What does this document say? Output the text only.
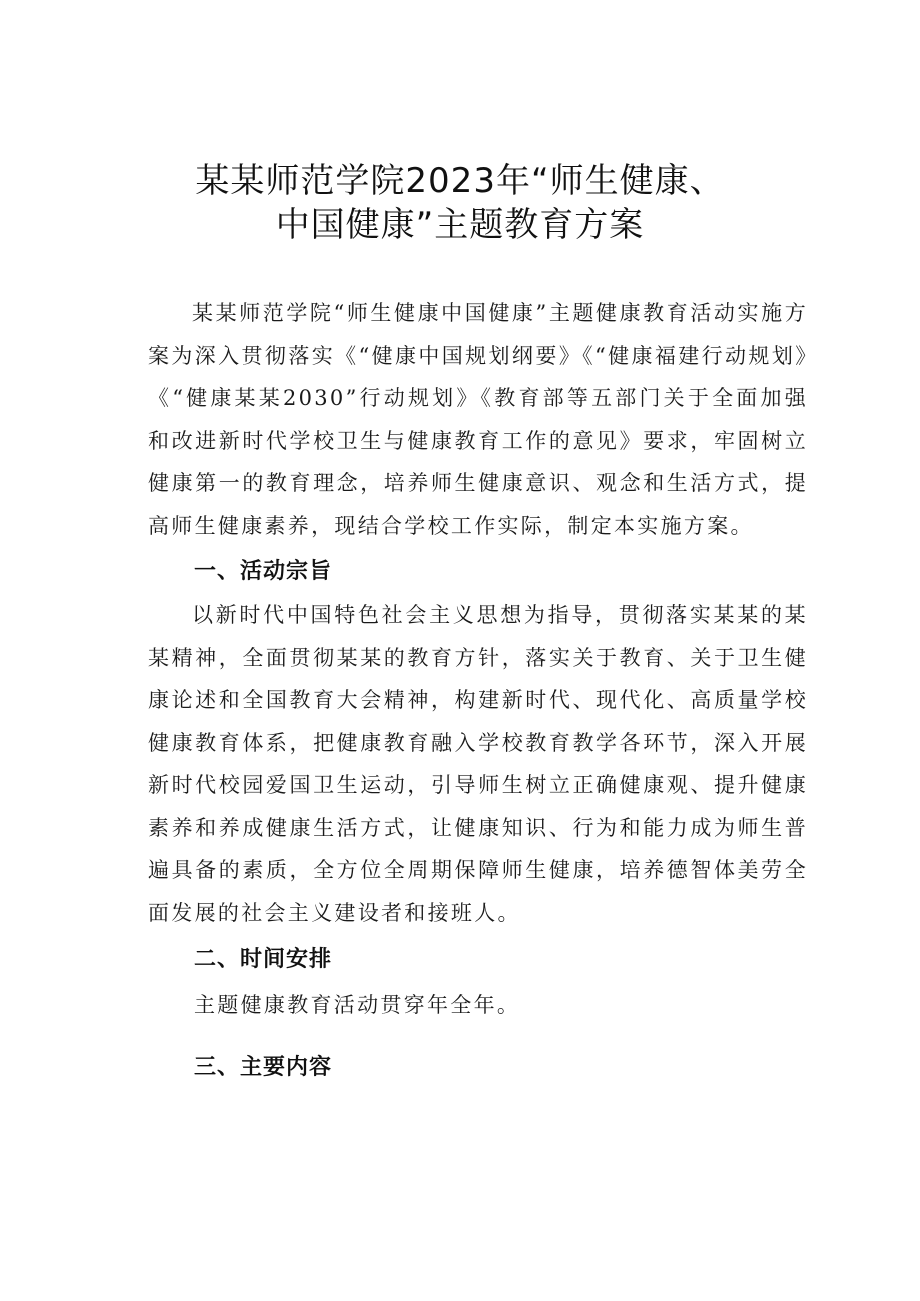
某某师范学院2023年“师生健康、
中国健康”主题教育方案

某某师范学院“师生健康中国健康”主题健康教育活动实施方案为深入贯彻落实《“健康中国规划纲要》《“健康福建行动规划》《“健康某某2030”行动规划》《教育部等五部门关于全面加强和改进新时代学校卫生与健康教育工作的意见》要求，牢固树立健康第一的教育理念，培养师生健康意识、观念和生活方式，提高师生健康素养，现结合学校工作实际，制定本实施方案。

一、活动宗旨

以新时代中国特色社会主义思想为指导，贯彻落实某某的某某精神，全面贯彻某某的教育方针，落实关于教育、关于卫生健康论述和全国教育大会精神，构建新时代、现代化、高质量学校健康教育体系，把健康教育融入学校教育教学各环节，深入开展新时代校园爱国卫生运动，引导师生树立正确健康观、提升健康素养和养成健康生活方式，让健康知识、行为和能力成为师生普遍具备的素质，全方位全周期保障师生健康，培养德智体美劳全面发展的社会主义建设者和接班人。

二、时间安排

主题健康教育活动贯穿年全年。

三、主要内容
